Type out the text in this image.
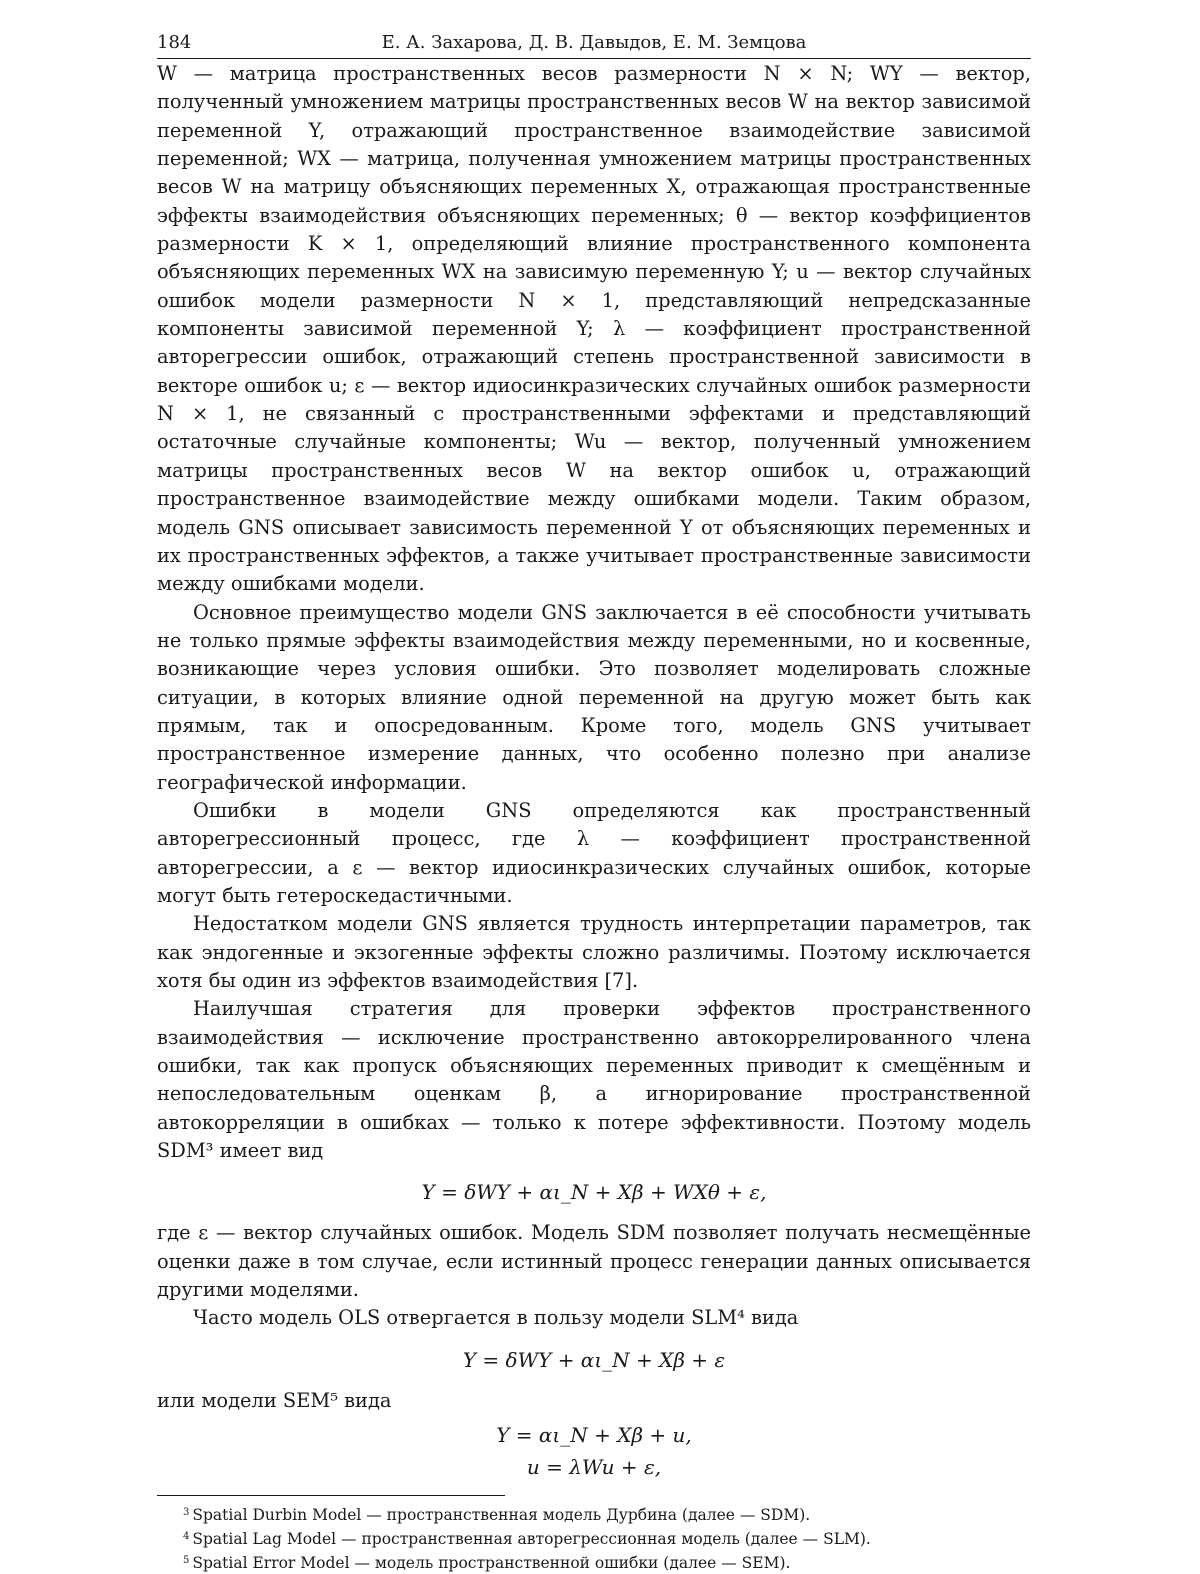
184	Е. А. Захарова, Д. В. Давыдов, Е. М. Земцова

W — матрица пространственных весов размерности N × N; WY — вектор, полученный умножением матрицы пространственных весов W на вектор зависимой переменной Y, отражающий пространственное взаимодействие зависимой переменной; WX — матрица, полученная умножением матрицы пространственных весов W на матрицу объясняющих переменных X, отражающая пространственные эффекты взаимодействия объясняющих переменных; θ — вектор коэффициентов размерности K × 1, определяющий влияние пространственного компонента объясняющих переменных WX на зависимую переменную Y; u — вектор случайных ошибок модели размерности N × 1, представляющий непредсказанные компоненты зависимой переменной Y; λ — коэффициент пространственной авторегрессии ошибок, отражающий степень пространственной зависимости в векторе ошибок u; ε — вектор идиосинкразических случайных ошибок размерности N × 1, не связанный с пространственными эффектами и представляющий остаточные случайные компоненты; Wu — вектор, полученный умножением матрицы пространственных весов W на вектор ошибок u, отражающий пространственное взаимодействие между ошибками модели. Таким образом, модель GNS описывает зависимость переменной Y от объясняющих переменных и их пространственных эффектов, а также учитывает пространственные зависимости между ошибками модели.

Основное преимущество модели GNS заключается в её способности учитывать не только прямые эффекты взаимодействия между переменными, но и косвенные, возникающие через условия ошибки. Это позволяет моделировать сложные ситуации, в которых влияние одной переменной на другую может быть как прямым, так и опосредованным. Кроме того, модель GNS учитывает пространственное измерение данных, что особенно полезно при анализе географической информации.

Ошибки в модели GNS определяются как пространственный авторегрессионный процесс, где λ — коэффициент пространственной авторегрессии, а ε — вектор идиосинкразических случайных ошибок, которые могут быть гетероскедастичными.

Недостатком модели GNS является трудность интерпретации параметров, так как эндогенные и экзогенные эффекты сложно различимы. Поэтому исключается хотя бы один из эффектов взаимодействия [7].

Наилучшая стратегия для проверки эффектов пространственного взаимодействия — исключение пространственно автокоррелированного члена ошибки, так как пропуск объясняющих переменных приводит к смещённым и непоследовательным оценкам β, а игнорирование пространственной автокорреляции в ошибках — только к потере эффективности. Поэтому модель SDM³ имеет вид

Y = δWY + αι_N + Xβ + WXθ + ε,

где ε — вектор случайных ошибок. Модель SDM позволяет получать несмещённые оценки даже в том случае, если истинный процесс генерации данных описывается другими моделями.

Часто модель OLS отвергается в пользу модели SLM⁴ вида

Y = δWY + αι_N + Xβ + ε

или модели SEM⁵ вида

Y = αι_N + Xβ + u,
u = λWu + ε,
$^3$ Spatial Durbin Model — пространственная модель Дурбина (далее — SDM).
$^4$ Spatial Lag Model — пространственная авторегрессионная модель (далее — SLM).
$^5$ Spatial Error Model — модель пространственной ошибки (далее — SEM).
